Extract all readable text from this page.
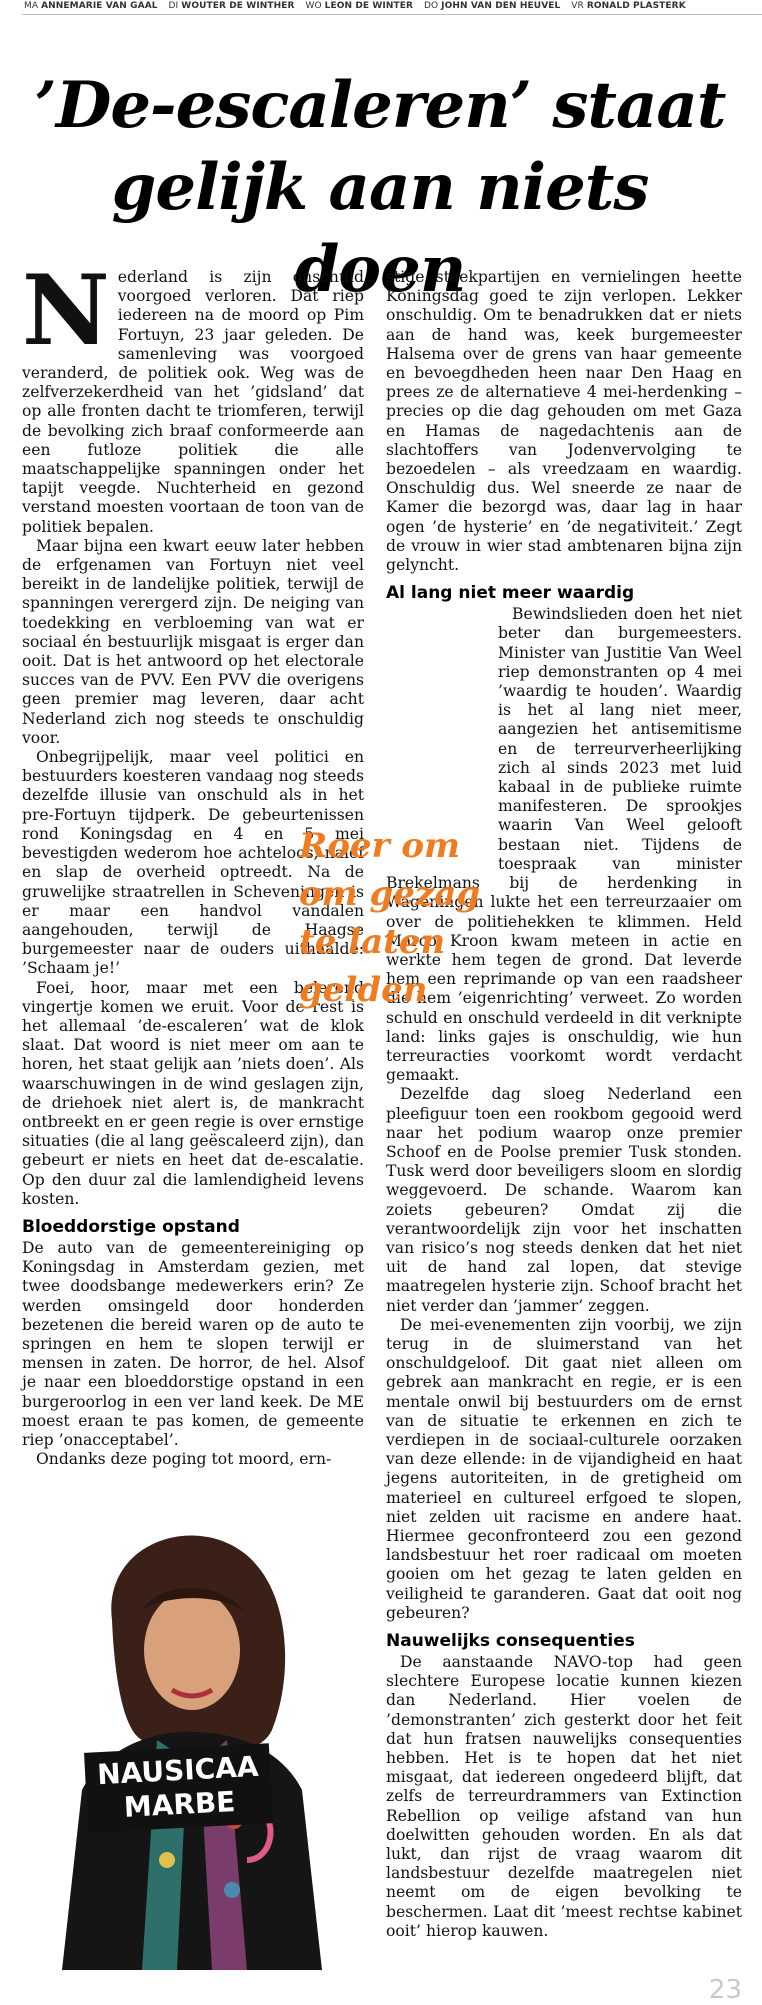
MA ANNEMARIE VAN GAAL DI WOUTER DE WINTHER WO LEON DE WINTER DO JOHN VAN DEN HEUVEL VR RONALD PLASTERK
’De-escaleren’ staat gelijk aan niets doen

Nederland is zijn onschuld voorgoed verloren. Dat riep iedereen na de moord op Pim Fortuyn, 23 jaar geleden. De samenleving was voorgoed veranderd, de politiek ook. Weg was de zelfverzekerdheid van het ’gidsland’ dat op alle fronten dacht te triomferen, terwijl de bevolking zich braaf conformeerde aan een futloze politiek die alle maatschappelijke spanningen onder het tapijt veegde. Nuchterheid en gezond verstand moesten voortaan de toon van de politiek bepalen.

Maar bijna een kwart eeuw later hebben de erfgenamen van Fortuyn niet veel bereikt in de landelijke politiek, terwijl de spanningen verergerd zijn. De neiging van toedekking en verbloeming van wat er sociaal én bestuurlijk misgaat is erger dan ooit. Dat is het antwoord op het electorale succes van de PVV. Een PVV die overigens geen premier mag leveren, daar acht Nederland zich nog steeds te onschuldig voor.

Onbegrijpelijk, maar veel politici en bestuurders koesteren vandaag nog steeds dezelfde illusie van onschuld als in het pre-Fortuyn tijdperk. De gebeurtenissen rond Koningsdag en 4 en 5 mei bevestigden wederom hoe achteloos, naïef en slap de overheid optreedt. Na de gruwelijke straatrellen in Scheveningen is er maar een handvol vandalen aangehouden, terwijl de Haagse burgemeester naar de ouders uithaalde: ’Schaam je!’

Foei, hoor, maar met een belerend vingertje komen we eruit. Voor de rest is het allemaal ’de-escaleren’ wat de klok slaat. Dat woord is niet meer om aan te horen, het staat gelijk aan ’niets doen’. Als waarschuwingen in de wind geslagen zijn, de driehoek niet alert is, de mankracht ontbreekt en er geen regie is over ernstige situaties (die al lang geëscaleerd zijn), dan gebeurt er niets en heet dat de-escalatie. Op den duur zal die lamlendigheid levens kosten.

Bloeddorstige opstand

De auto van de gemeentereiniging op Koningsdag in Amsterdam gezien, met twee doodsbange medewerkers erin? Ze werden omsingeld door honderden bezetenen die bereid waren op de auto te springen en hem te slopen terwijl er mensen in zaten. De horror, de hel. Alsof je naar een bloeddorstige opstand in een burgeroorlog in een ver land keek. De ME moest eraan te pas komen, de gemeente riep ’onacceptabel’.

Ondanks deze poging tot moord, ern-

stige steekpartijen en vernielingen heette Koningsdag goed te zijn verlopen. Lekker onschuldig. Om te benadrukken dat er niets aan de hand was, keek burgemeester Halsema over de grens van haar gemeente en bevoegdheden heen naar Den Haag en prees ze de alternatieve 4 mei-herdenking – precies op die dag gehouden om met Gaza en Hamas de nagedachtenis aan de slachtoffers van Jodenvervolging te bezoedelen – als vreedzaam en waardig. Onschuldig dus. Wel sneerde ze naar de Kamer die bezorgd was, daar lag in haar ogen ’de hysterie’ en ’de negativiteit.’ Zegt de vrouw in wier stad ambtenaren bijna zijn gelyncht.

Al lang niet meer waardig

Bewindslieden doen het niet beter dan burgemeesters. Minister van Justitie Van Weel riep demonstranten op 4 mei ’waardig te houden’. Waardig is het al lang niet meer, aangezien het antisemitisme en de terreurverheerlijking zich al sinds 2023 met luid kabaal in de publieke ruimte manifesteren. De sprookjes waarin Van Weel gelooft bestaan niet. Tijdens de toespraak van minister Brekelmans bij de herdenking in Wageningen lukte het een terreurzaaier om over de politiehekken te klimmen. Held Marco Kroon kwam meteen in actie en werkte hem tegen de grond. Dat leverde hem een reprimande op van een raadsheer die hem ’eigenrichting’ verweet. Zo worden schuld en onschuld verdeeld in dit verknipte land: links gajes is onschuldig, wie hun terreuracties voorkomt wordt verdacht gemaakt.

Dezelfde dag sloeg Nederland een pleefiguur toen een rookbom gegooid werd naar het podium waarop onze premier Schoof en de Poolse premier Tusk stonden. Tusk werd door beveiligers sloom en slordig weggevoerd. De schande. Waarom kan zoiets gebeuren? Omdat zij die verantwoordelijk zijn voor het inschatten van risico’s nog steeds denken dat het niet uit de hand zal lopen, dat stevige maatregelen hysterie zijn. Schoof bracht het niet verder dan ’jammer’ zeggen.

De mei-evenementen zijn voorbij, we zijn terug in de sluimerstand van het onschuldgeloof. Dit gaat niet alleen om gebrek aan mankracht en regie, er is een mentale onwil bij bestuurders om de ernst van de situatie te erkennen en zich te verdiepen in de sociaal-culturele oorzaken van deze ellende: in de vijandigheid en haat jegens autoriteiten, in de gretigheid om materieel en cultureel erfgoed te slopen, niet zelden uit racisme en andere haat. Hiermee geconfronteerd zou een gezond landsbestuur het roer radicaal om moeten gooien om het gezag te laten gelden en veiligheid te garanderen. Gaat dat ooit nog gebeuren?

Nauwelijks consequenties

De aanstaande NAVO-top had geen slechtere Europese locatie kunnen kiezen dan Nederland. Hier voelen de ’demonstranten’ zich gesterkt door het feit dat hun fratsen nauwelijks consequenties hebben. Het is te hopen dat het niet misgaat, dat iedereen ongedeerd blijft, dat zelfs de terreurdrammers van Extinction Rebellion op veilige afstand van hun doelwitten gehouden worden. En als dat lukt, dan rijst de vraag waarom dit landsbestuur dezelfde maatregelen niet neemt om de eigen bevolking te beschermen. Laat dit ’meest rechtse kabinet ooit’ hierop kauwen.

Roer om om gezag te laten gelden
NAUSICAA
MARBE
23
